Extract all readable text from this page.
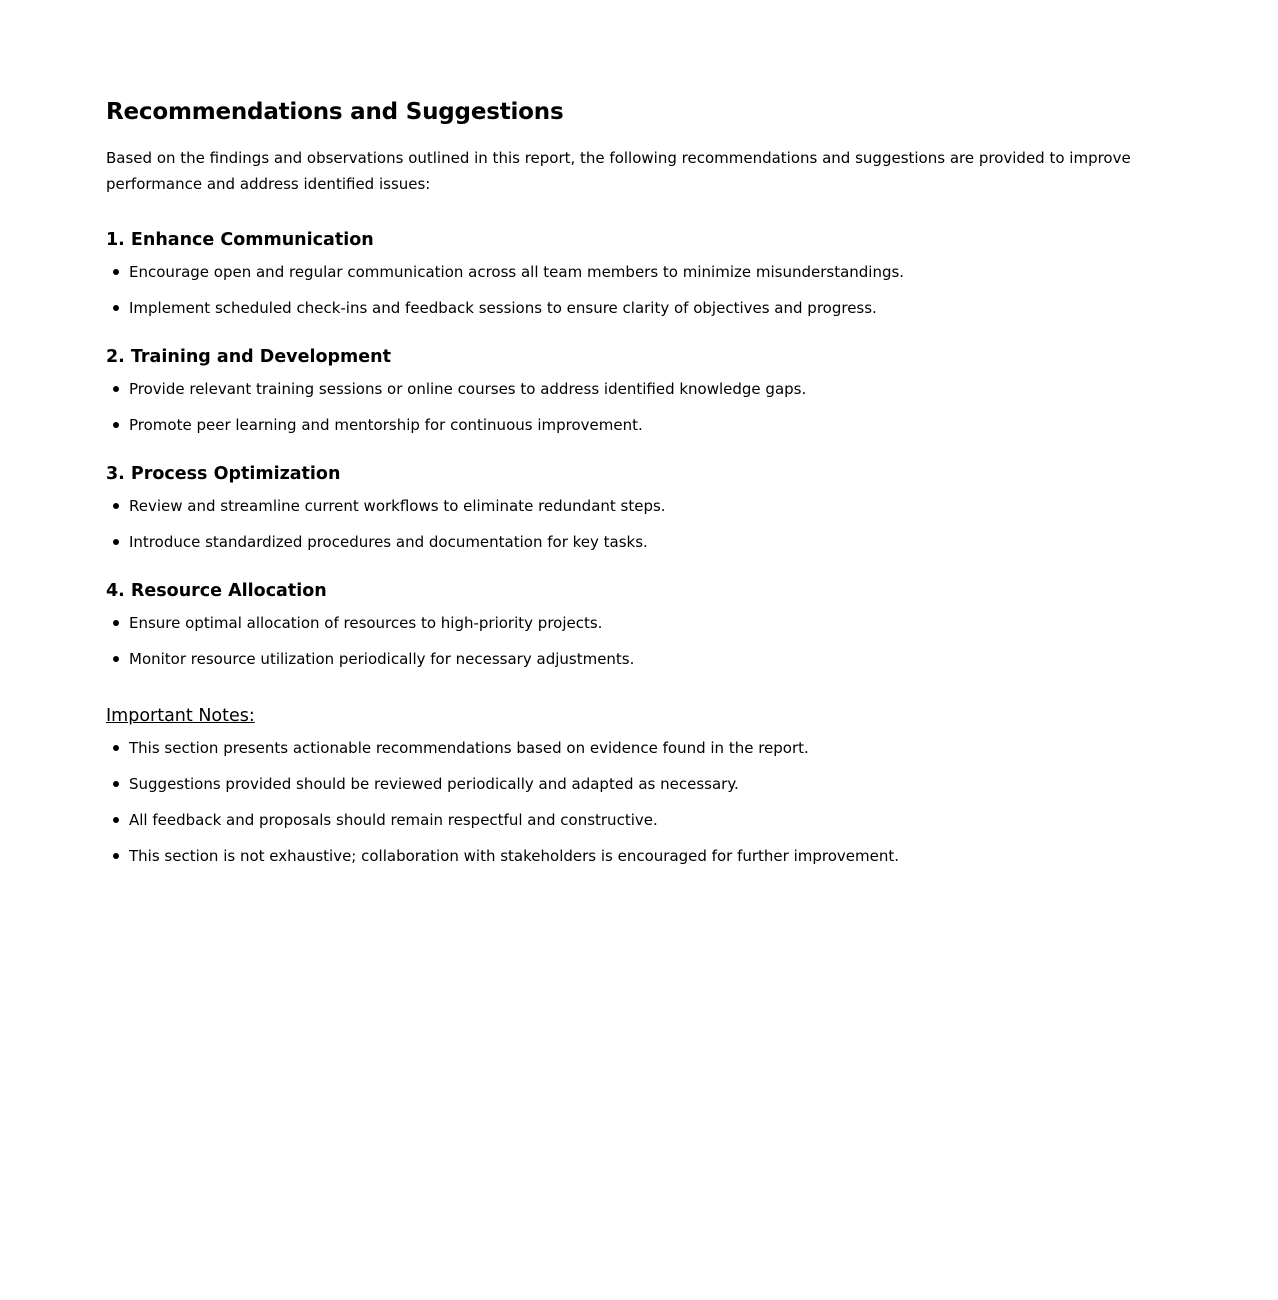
Recommendations and Suggestions

Based on the findings and observations outlined in this report, the following recommendations and suggestions are provided to improve performance and address identified issues:

1. Enhance Communication
Encourage open and regular communication across all team members to minimize misunderstandings.
Implement scheduled check-ins and feedback sessions to ensure clarity of objectives and progress.
2. Training and Development
Provide relevant training sessions or online courses to address identified knowledge gaps.
Promote peer learning and mentorship for continuous improvement.
3. Process Optimization
Review and streamline current workflows to eliminate redundant steps.
Introduce standardized procedures and documentation for key tasks.
4. Resource Allocation
Ensure optimal allocation of resources to high-priority projects.
Monitor resource utilization periodically for necessary adjustments.
Important Notes:
This section presents actionable recommendations based on evidence found in the report.
Suggestions provided should be reviewed periodically and adapted as necessary.
All feedback and proposals should remain respectful and constructive.
This section is not exhaustive; collaboration with stakeholders is encouraged for further improvement.
